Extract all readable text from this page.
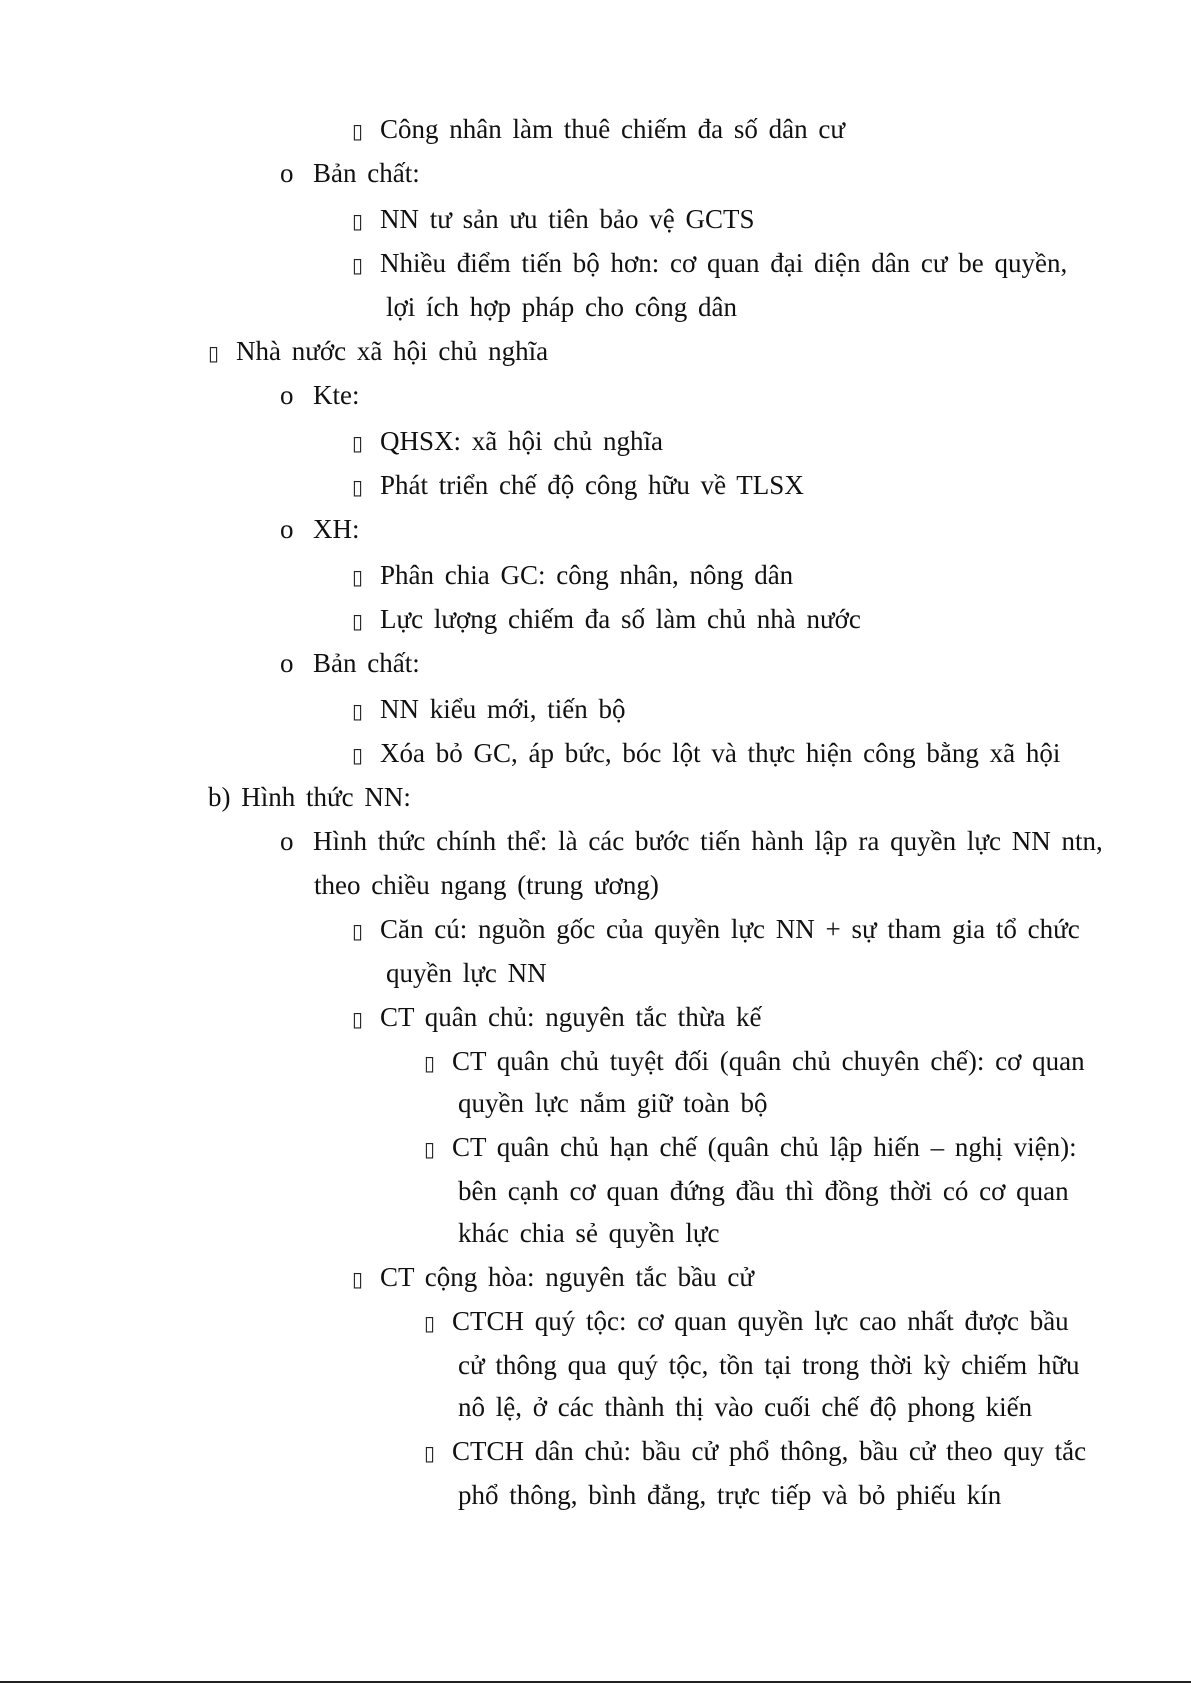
▯ Công nhân làm thuê chiếm đa số dân cư
o Bản chất:
▯ NN tư sản ưu tiên bảo vệ GCTS
▯ Nhiều điểm tiến bộ hơn: cơ quan đại diện dân cư be quyền,
lợi ích hợp pháp cho công dân
▯ Nhà nước xã hội chủ nghĩa
o Kte:
▯ QHSX: xã hội chủ nghĩa
▯ Phát triển chế độ công hữu về TLSX
o XH:
▯ Phân chia GC: công nhân, nông dân
▯ Lực lượng chiếm đa số làm chủ nhà nước
o Bản chất:
▯ NN kiểu mới, tiến bộ
▯ Xóa bỏ GC, áp bức, bóc lột và thực hiện công bằng xã hội
b) Hình thức NN:
o Hình thức chính thể: là các bước tiến hành lập ra quyền lực NN ntn,
theo chiều ngang (trung ương)
▯ Căn cú: nguồn gốc của quyền lực NN + sự tham gia tổ chức
quyền lực NN
▯ CT quân chủ: nguyên tắc thừa kế
▯ CT quân chủ tuyệt đối (quân chủ chuyên chế): cơ quan
quyền lực nắm giữ toàn bộ
▯ CT quân chủ hạn chế (quân chủ lập hiến – nghị viện):
bên cạnh cơ quan đứng đầu thì đồng thời có cơ quan
khác chia sẻ quyền lực
▯ CT cộng hòa: nguyên tắc bầu cử
▯ CTCH quý tộc: cơ quan quyền lực cao nhất được bầu
cử thông qua quý tộc, tồn tại trong thời kỳ chiếm hữu
nô lệ, ở các thành thị vào cuối chế độ phong kiến
▯ CTCH dân chủ: bầu cử phổ thông, bầu cử theo quy tắc
phổ thông, bình đẳng, trực tiếp và bỏ phiếu kín
